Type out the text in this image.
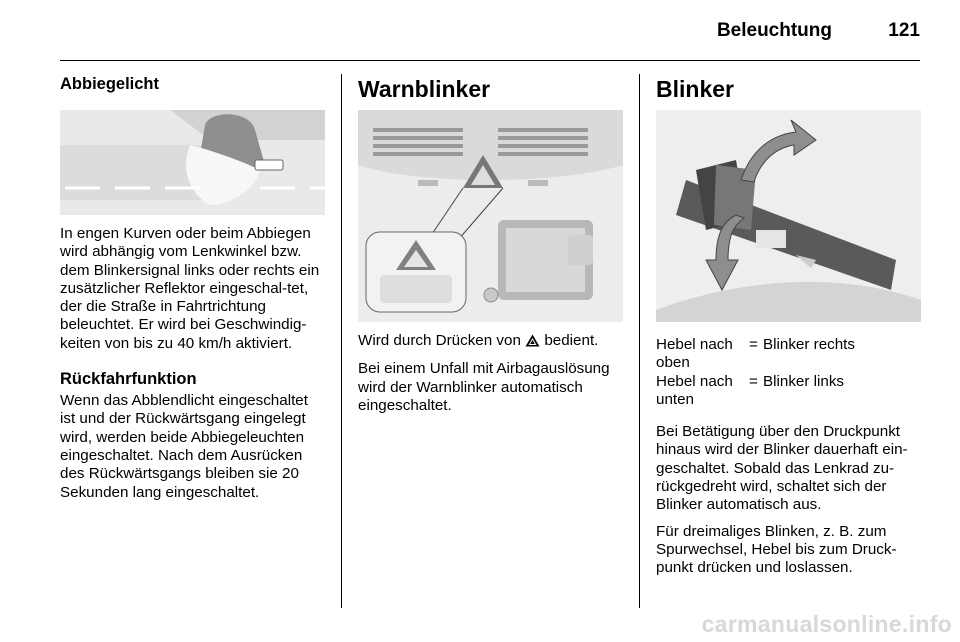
Beleuchtung	121
Abbiegelicht

In engen Kurven oder beim Abbiegen wird abhängig vom Lenkwinkel bzw. dem Blinkersignal links oder rechts ein zusätzlicher Reflektor eingeschal-tet, der die Straße in Fahrtrichtung beleuchtet. Er wird bei Geschwindig-keiten von bis zu 40 km/h aktiviert.

Rückfahrfunktion

Wenn das Abblendlicht eingeschaltet ist und der Rückwärtsgang eingelegt wird, werden beide Abbiegeleuchten eingeschaltet. Nach dem Ausrücken des Rückwärtsgangs bleiben sie 20 Sekunden lang eingeschaltet.

Warnblinker

Wird durch Drücken von  bedient.

Bei einem Unfall mit Airbagauslösung wird der Warnblinker automatisch eingeschaltet.

Blinker
Hebel nach oben	=	Blinker rechts
Hebel nach unten	=	Blinker links

Bei Betätigung über den Druckpunkt hinaus wird der Blinker dauerhaft ein-geschaltet. Sobald das Lenkrad zu-rückgedreht wird, schaltet sich der Blinker automatisch aus.

Für dreimaliges Blinken, z. B. zum Spurwechsel, Hebel bis zum Druck-punkt drücken und loslassen.

carmanualsonline.info
